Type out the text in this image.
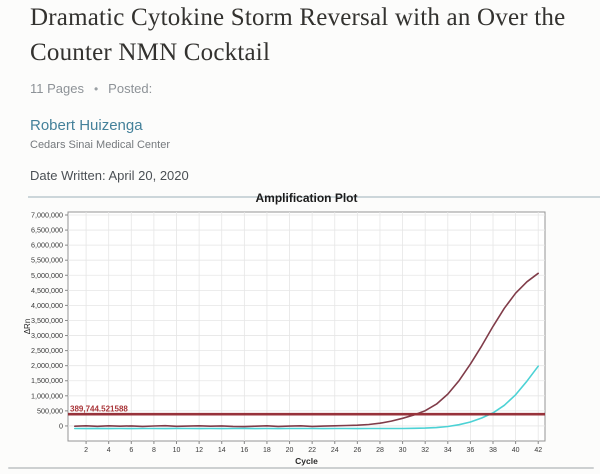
Dramatic Cytokine Storm Reversal with an Over the Counter NMN Cocktail
11 Pages • Posted:
Robert Huizenga
Cedars Sinai Medical Center
Date Written: April 20, 2020
0
500,000
1,000,000
1,500,000
2,000,000
2,500,000
3,000,000
3,500,000
4,000,000
4,500,000
5,000,000
5,500,000
6,000,000
6,500,000
7,000,000
2	4	6	8 10 12 14 16 18 20 22 24 26 28 30 32 34 36 38 40 42
389,744.521588
Amplification Plot
Cycle
ΔRn
